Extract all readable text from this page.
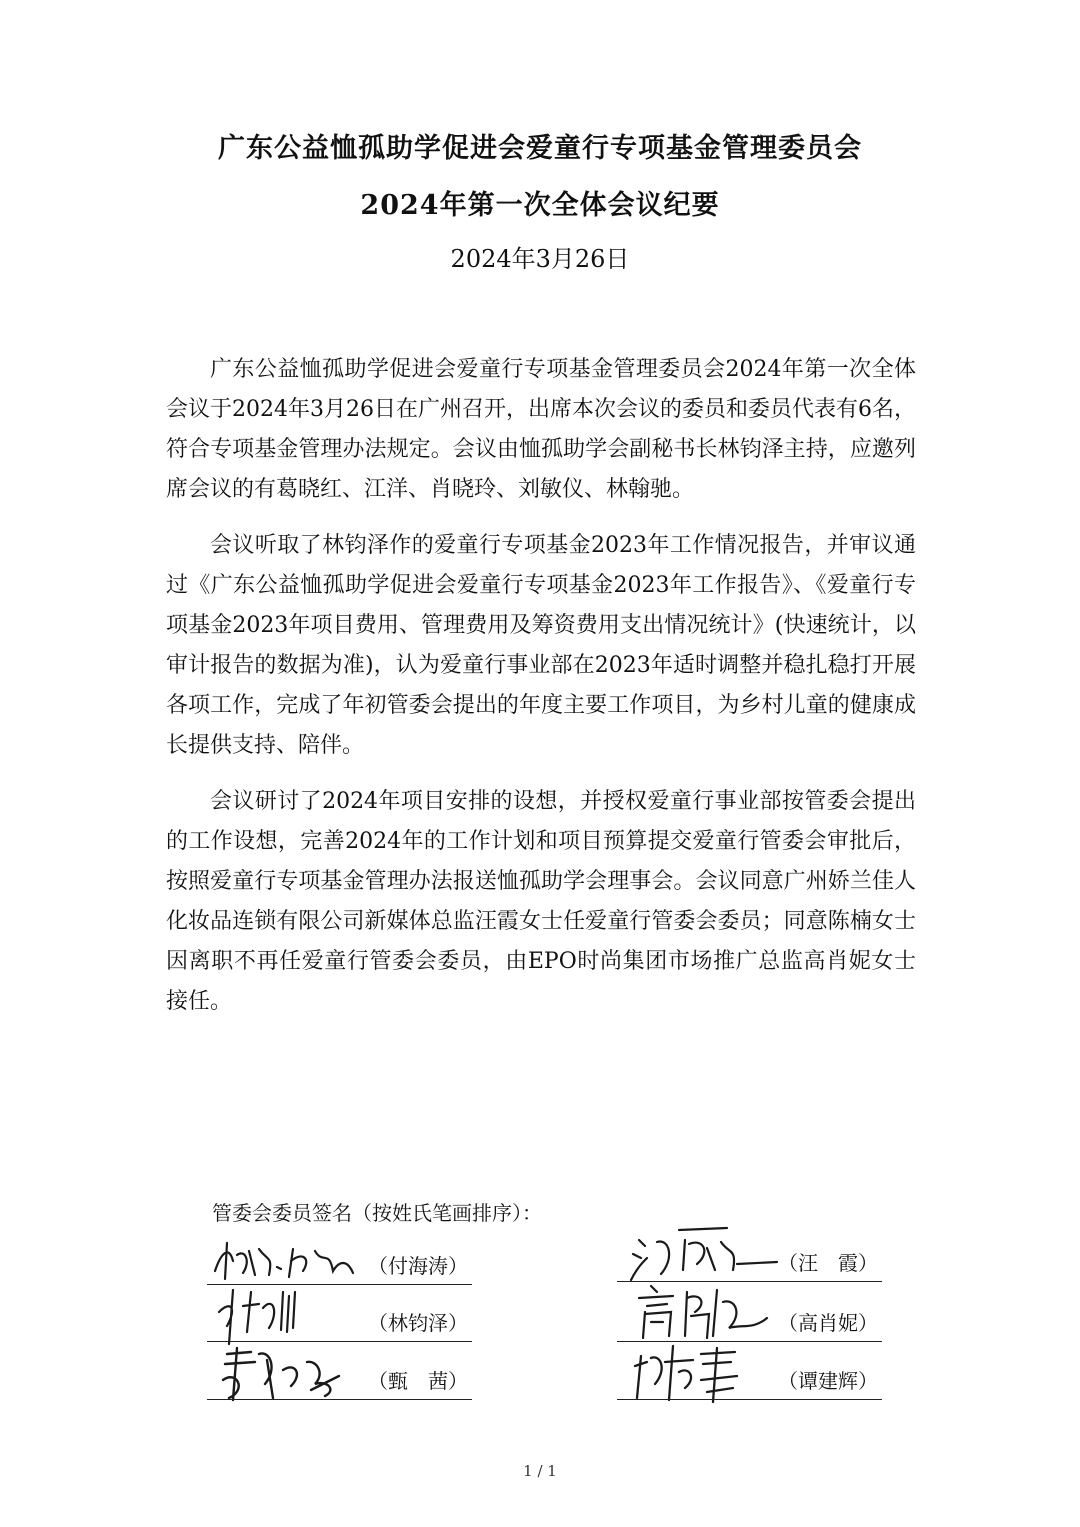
广东公益恤孤助学促进会爱童行专项基金管理委员会
2024年第一次全体会议纪要
2024年3月26日

广东公益恤孤助学促进会爱童行专项基金管理委员会2024年第一次全体会议于2024年3月26日在广州召开，出席本次会议的委员和委员代表有6名，符合专项基金管理办法规定。会议由恤孤助学会副秘书长林钧泽主持，应邀列席会议的有葛晓红、江洋、肖晓玲、刘敏仪、林翰驰。

会议听取了林钧泽作的爱童行专项基金2023年工作情况报告，并审议通过《广东公益恤孤助学促进会爱童行专项基金2023年工作报告》、《爱童行专项基金2023年项目费用、管理费用及筹资费用支出情况统计》(快速统计，以审计报告的数据为准)，认为爱童行事业部在2023年适时调整并稳扎稳打开展各项工作，完成了年初管委会提出的年度主要工作项目，为乡村儿童的健康成长提供支持、陪伴。

会议研讨了2024年项目安排的设想，并授权爱童行事业部按管委会提出的工作设想，完善2024年的工作计划和项目预算提交爱童行管委会审批后，按照爱童行专项基金管理办法报送恤孤助学会理事会。会议同意广州娇兰佳人化妆品连锁有限公司新媒体总监汪霞女士任爱童行管委会委员；同意陈楠女士因离职不再任爱童行管委会委员，由EPO时尚集团市场推广总监高肖妮女士接任。

管委会委员签名（按姓氏笔画排序）：
（付海涛）
（林钧泽）
（甄　茜）
（汪　霞）
（高肖妮）
（谭建辉）
1 / 1
